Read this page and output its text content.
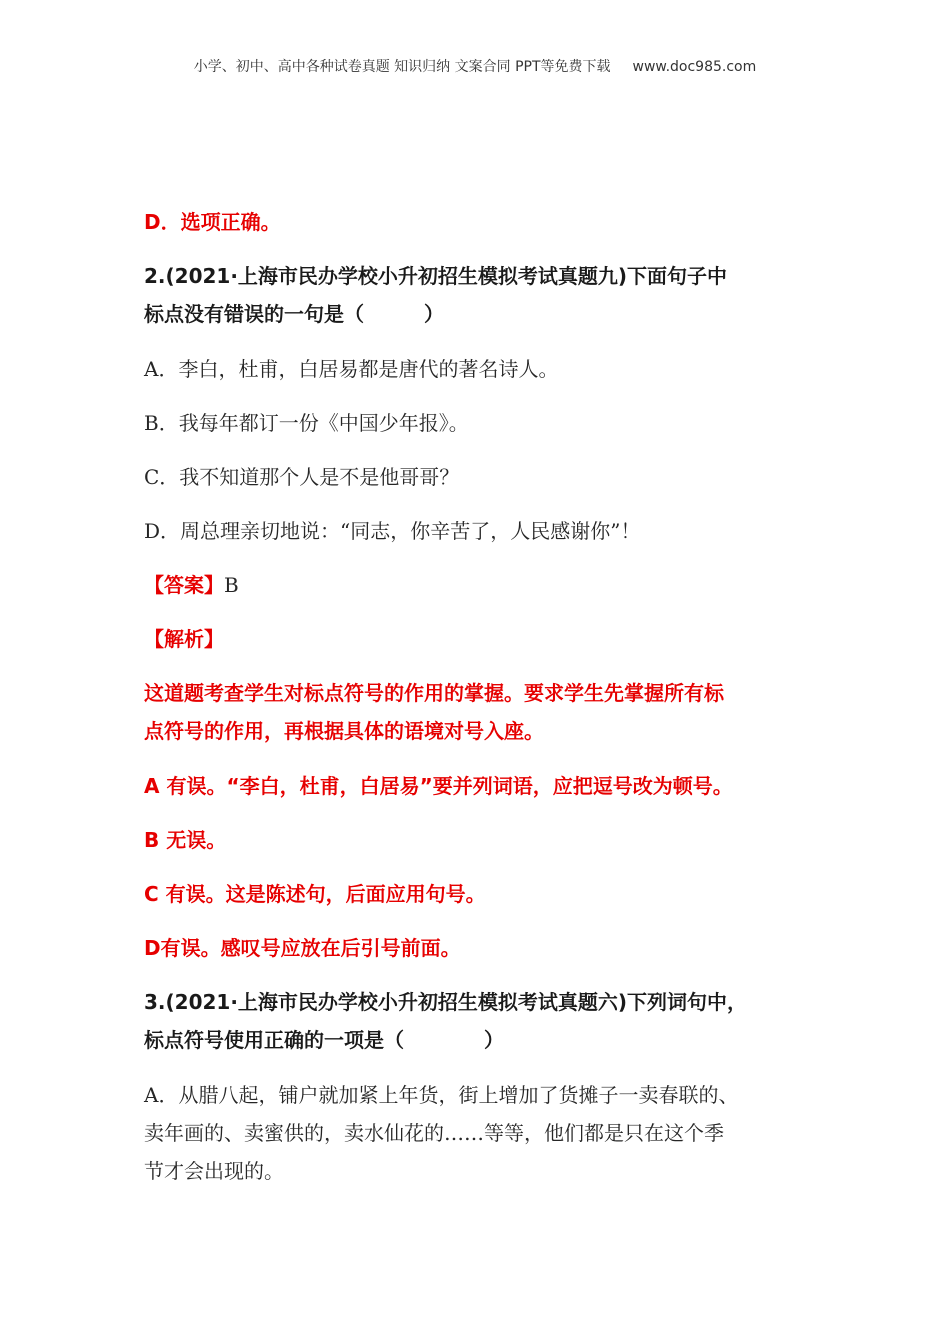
小学、初中、高中各种试卷真题 知识归纳 文案合同 PPT等免费下载 www.doc985.com
D．选项正确。
2.(2021·上海市民办学校小升初招生模拟考试真题九)下面句子中
标点没有错误的一句是（　　　）
A．李白，杜甫，白居易都是唐代的著名诗人。
B．我每年都订一份《中国少年报》。
C．我不知道那个人是不是他哥哥？
D．周总理亲切地说：“同志，你辛苦了，人民感谢你”！
【答案】B
【解析】
这道题考查学生对标点符号的作用的掌握。要求学生先掌握所有标
点符号的作用，再根据具体的语境对号入座。
A 有误。“李白，杜甫，白居易”要并列词语，应把逗号改为顿号。
B 无误。
C 有误。这是陈述句，后面应用句号。
D有误。感叹号应放在后引号前面。
3.(2021·上海市民办学校小升初招生模拟考试真题六)下列词句中，
标点符号使用正确的一项是（　　　　）
A．从腊八起，铺户就加紧上年货，街上增加了货摊子一卖春联的、
卖年画的、卖蜜供的，卖水仙花的……等等，他们都是只在这个季
节才会出现的。
